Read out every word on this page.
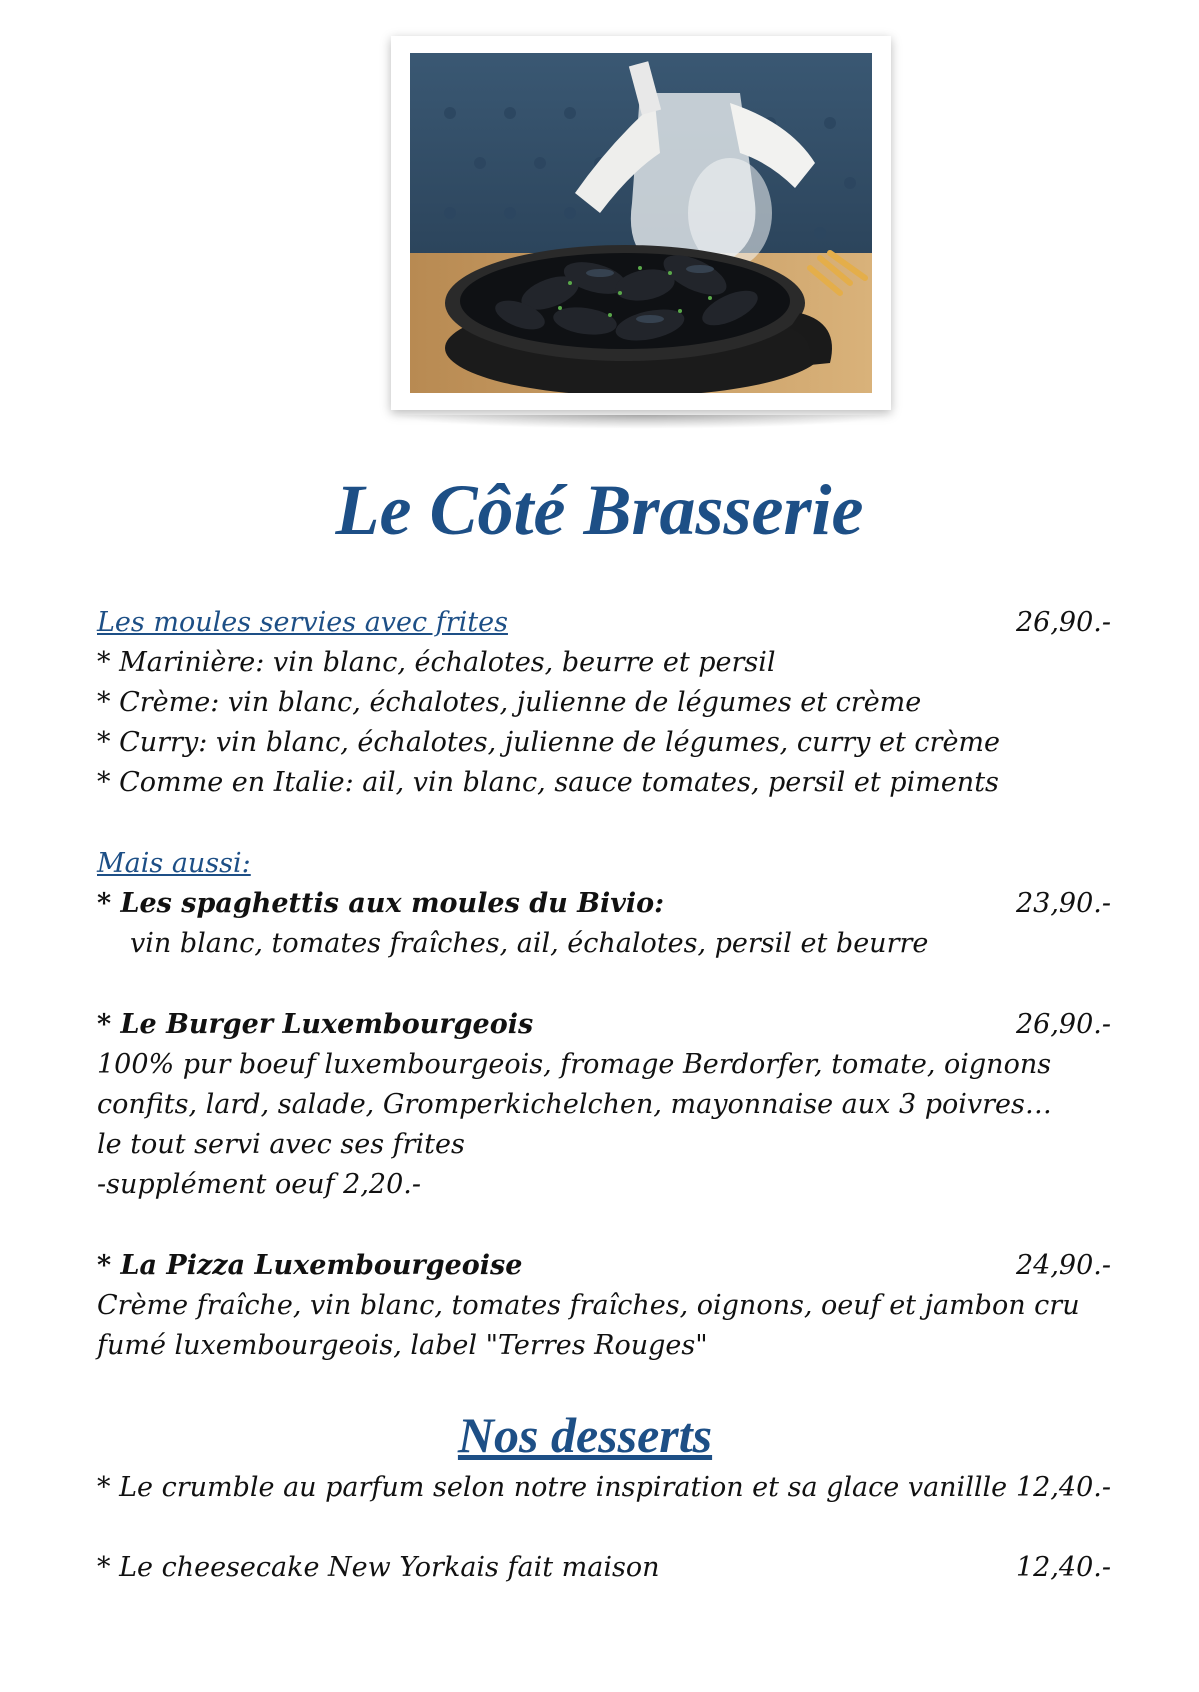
Le Côté Brasserie
Les moules servies avec frites	26,90.-
* Marinière: vin blanc, échalotes, beurre et persil
* Crème: vin blanc, échalotes, julienne de légumes et crème
* Curry: vin blanc, échalotes, julienne de légumes, curry et crème
* Comme en Italie: ail, vin blanc, sauce tomates, persil et piments
Mais aussi:
* Les spaghettis aux moules du Bivio:	23,90.-
vin blanc, tomates fraîches, ail, échalotes, persil et beurre
* Le Burger Luxembourgeois	26,90.-
100% pur boeuf luxembourgeois, fromage Berdorfer, tomate, oignons
confits, lard, salade, Gromperkichelchen, mayonnaise aux 3 poivres…
le tout servi avec ses frites
-supplément oeuf 2,20.-
* La Pizza Luxembourgeoise	24,90.-
Crème fraîche, vin blanc, tomates fraîches, oignons, oeuf et jambon cru
fumé luxembourgeois, label "Terres Rouges"
Nos desserts
* Le crumble au parfum selon notre inspiration et sa glace vanillle 12,40.-
* Le cheesecake New Yorkais fait maison	12,40.-
